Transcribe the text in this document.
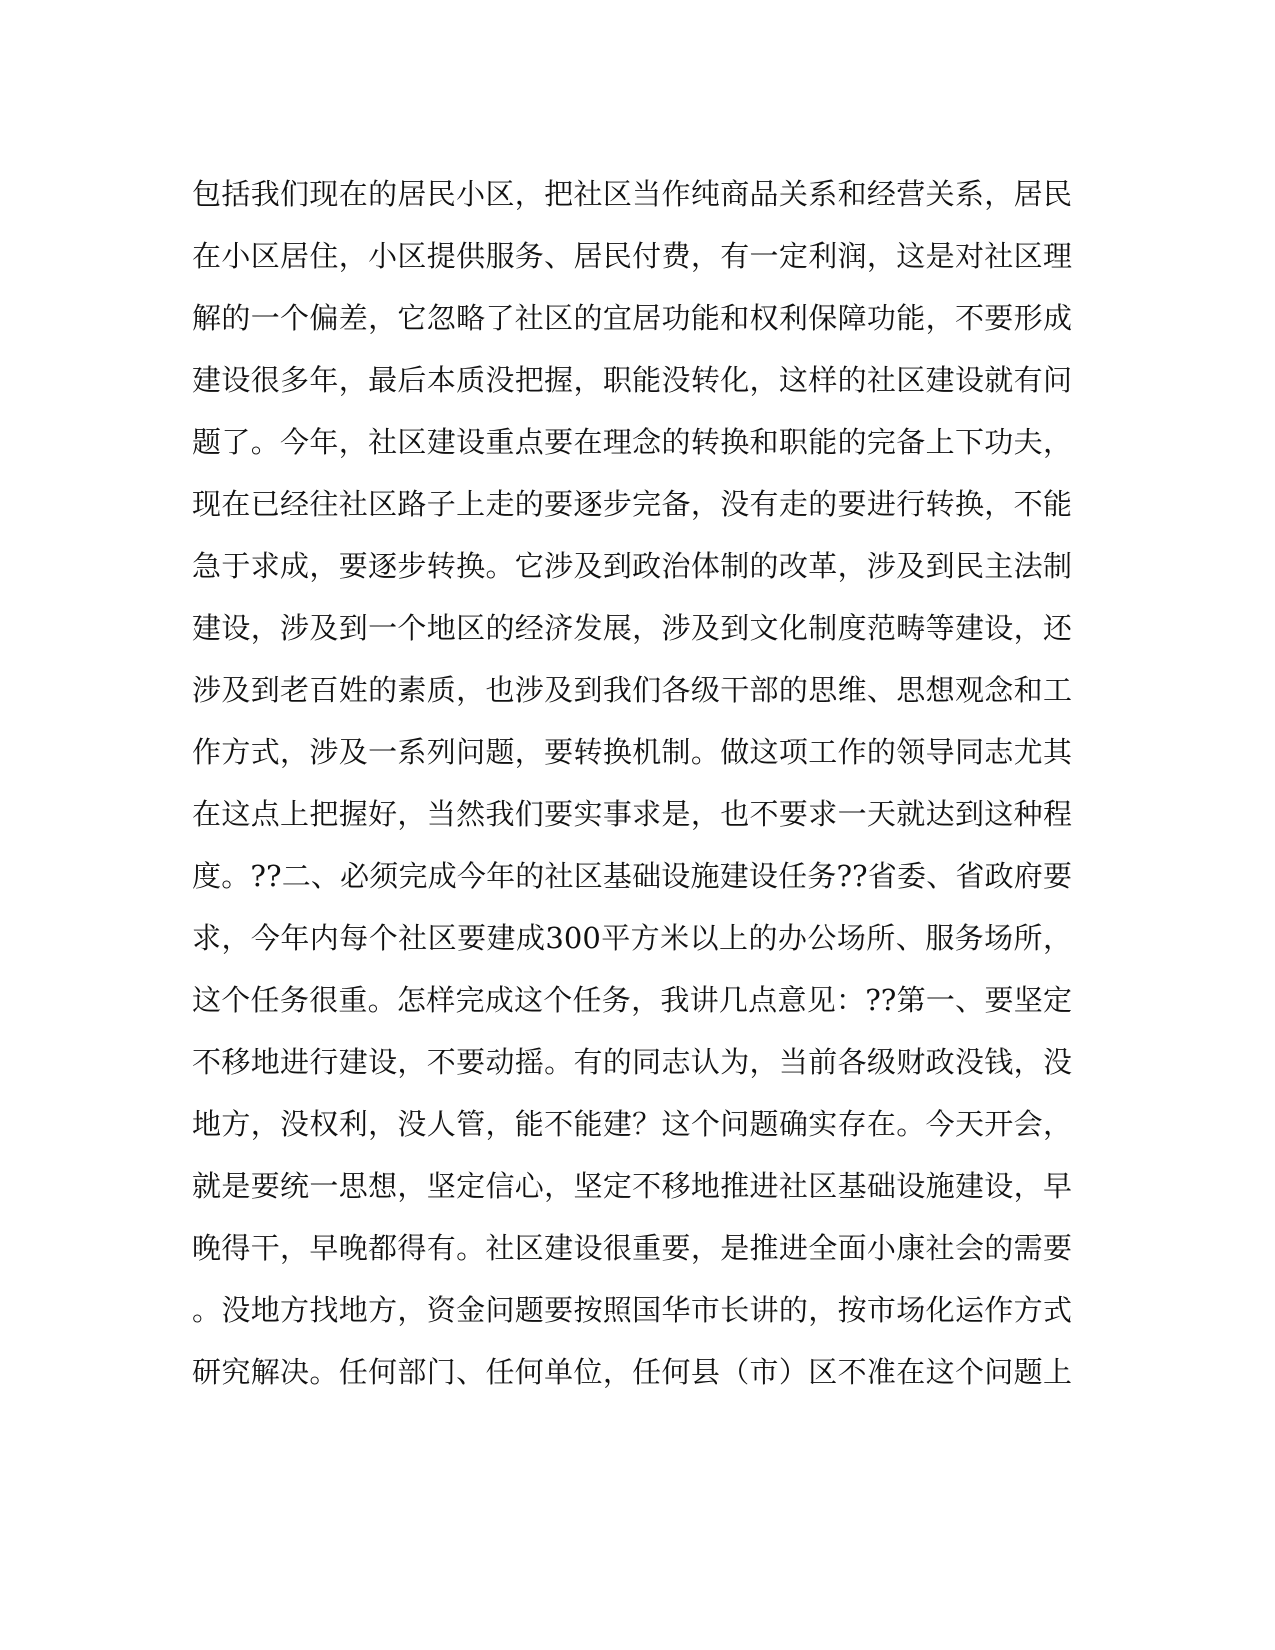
包括我们现在的居民小区，把社区当作纯商品关系和经营关系，居民
在小区居住，小区提供服务、居民付费，有一定利润，这是对社区理
解的一个偏差，它忽略了社区的宜居功能和权利保障功能，不要形成
建设很多年，最后本质没把握，职能没转化，这样的社区建设就有问
题了。今年，社区建设重点要在理念的转换和职能的完备上下功夫，
现在已经往社区路子上走的要逐步完备，没有走的要进行转换，不能
急于求成，要逐步转换。它涉及到政治体制的改革，涉及到民主法制
建设，涉及到一个地区的经济发展，涉及到文化制度范畴等建设，还
涉及到老百姓的素质，也涉及到我们各级干部的思维、思想观念和工
作方式，涉及一系列问题，要转换机制。做这项工作的领导同志尤其
在这点上把握好，当然我们要实事求是，也不要求一天就达到这种程
度。??二、必须完成今年的社区基础设施建设任务??省委、省政府要
求，今年内每个社区要建成300平方米以上的办公场所、服务场所，
这个任务很重。怎样完成这个任务，我讲几点意见：??第一、要坚定
不移地进行建设，不要动摇。有的同志认为，当前各级财政没钱，没
地方，没权利，没人管，能不能建？这个问题确实存在。今天开会，
就是要统一思想，坚定信心，坚定不移地推进社区基础设施建设，早
晚得干，早晚都得有。社区建设很重要，是推进全面小康社会的需要
。没地方找地方，资金问题要按照国华市长讲的，按市场化运作方式
研究解决。任何部门、任何单位，任何县（市）区不准在这个问题上
